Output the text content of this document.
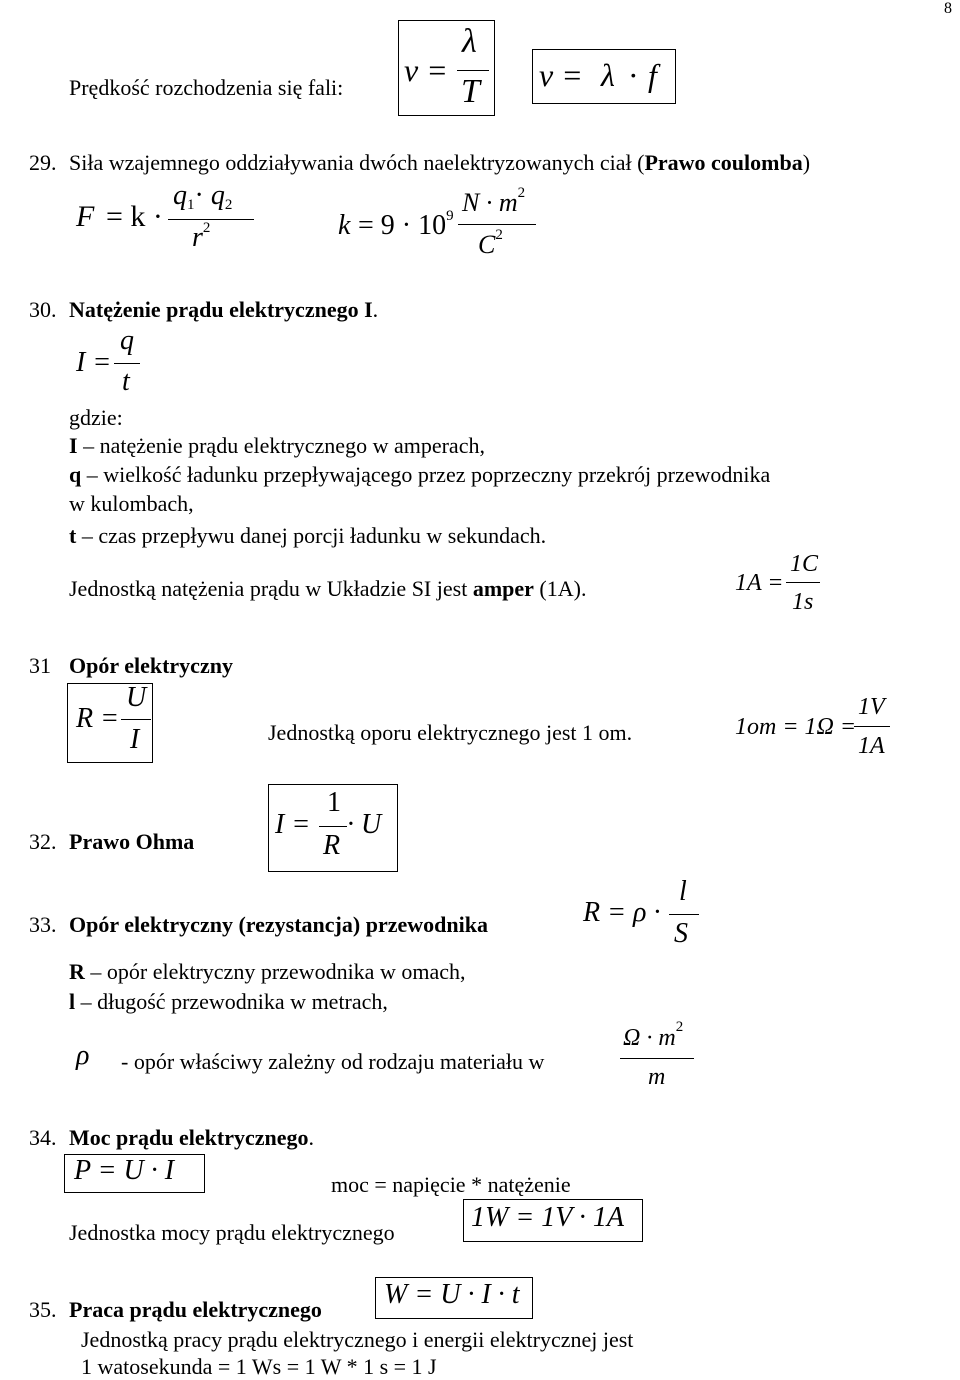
8
Prędkość rozchodzenia się fali: v =
λ
T v = λ · f
29. Siła wzajemnego oddziaływania dwóch naelektryzowanych ciał (Prawo coulomba)
F = k ·
q1· q2
$r^2$	$k = 9 \cdot 10^9$ $N \cdot m^2$
$C^2$
30. Natężenie prądu elektrycznego I.
I =
q
t
gdzie:
I – natężenie prądu elektrycznego w amperach,
q – wielkość ładunku przepływającego przez poprzeczny przekrój przewodnika
w kulombach,
t – czas przepływu danej porcji ładunku w sekundach.
Jednostką natężenia prądu w Układzie SI jest amper (1A).	1A =
1C
1s
31 Opór elektryczny
R =
U
I	Jednostką oporu elektrycznego jest 1 om.	1om = 1Ω =
1V
1A
32. Prawo Ohma
I =
1
R
· U
33. Opór elektryczny (rezystancja) przewodnika	R = ρ ·
l
S
R – opór elektryczny przewodnika w omach,
l – długość przewodnika w metrach,
ρ - opór właściwy zależny od rodzaju materiału w
$\Omega \cdot m^2$
m
34. Moc prądu elektrycznego.
P = U · I	moc = napięcie * natężenie
Jednostka mocy prądu elektrycznego	1W = 1V · 1A
35. Praca prądu elektrycznego W = U · I · t
Jednostką pracy prądu elektrycznego i energii elektrycznej jest
1 watosekunda = 1 Ws = 1 W * 1 s = 1 J
